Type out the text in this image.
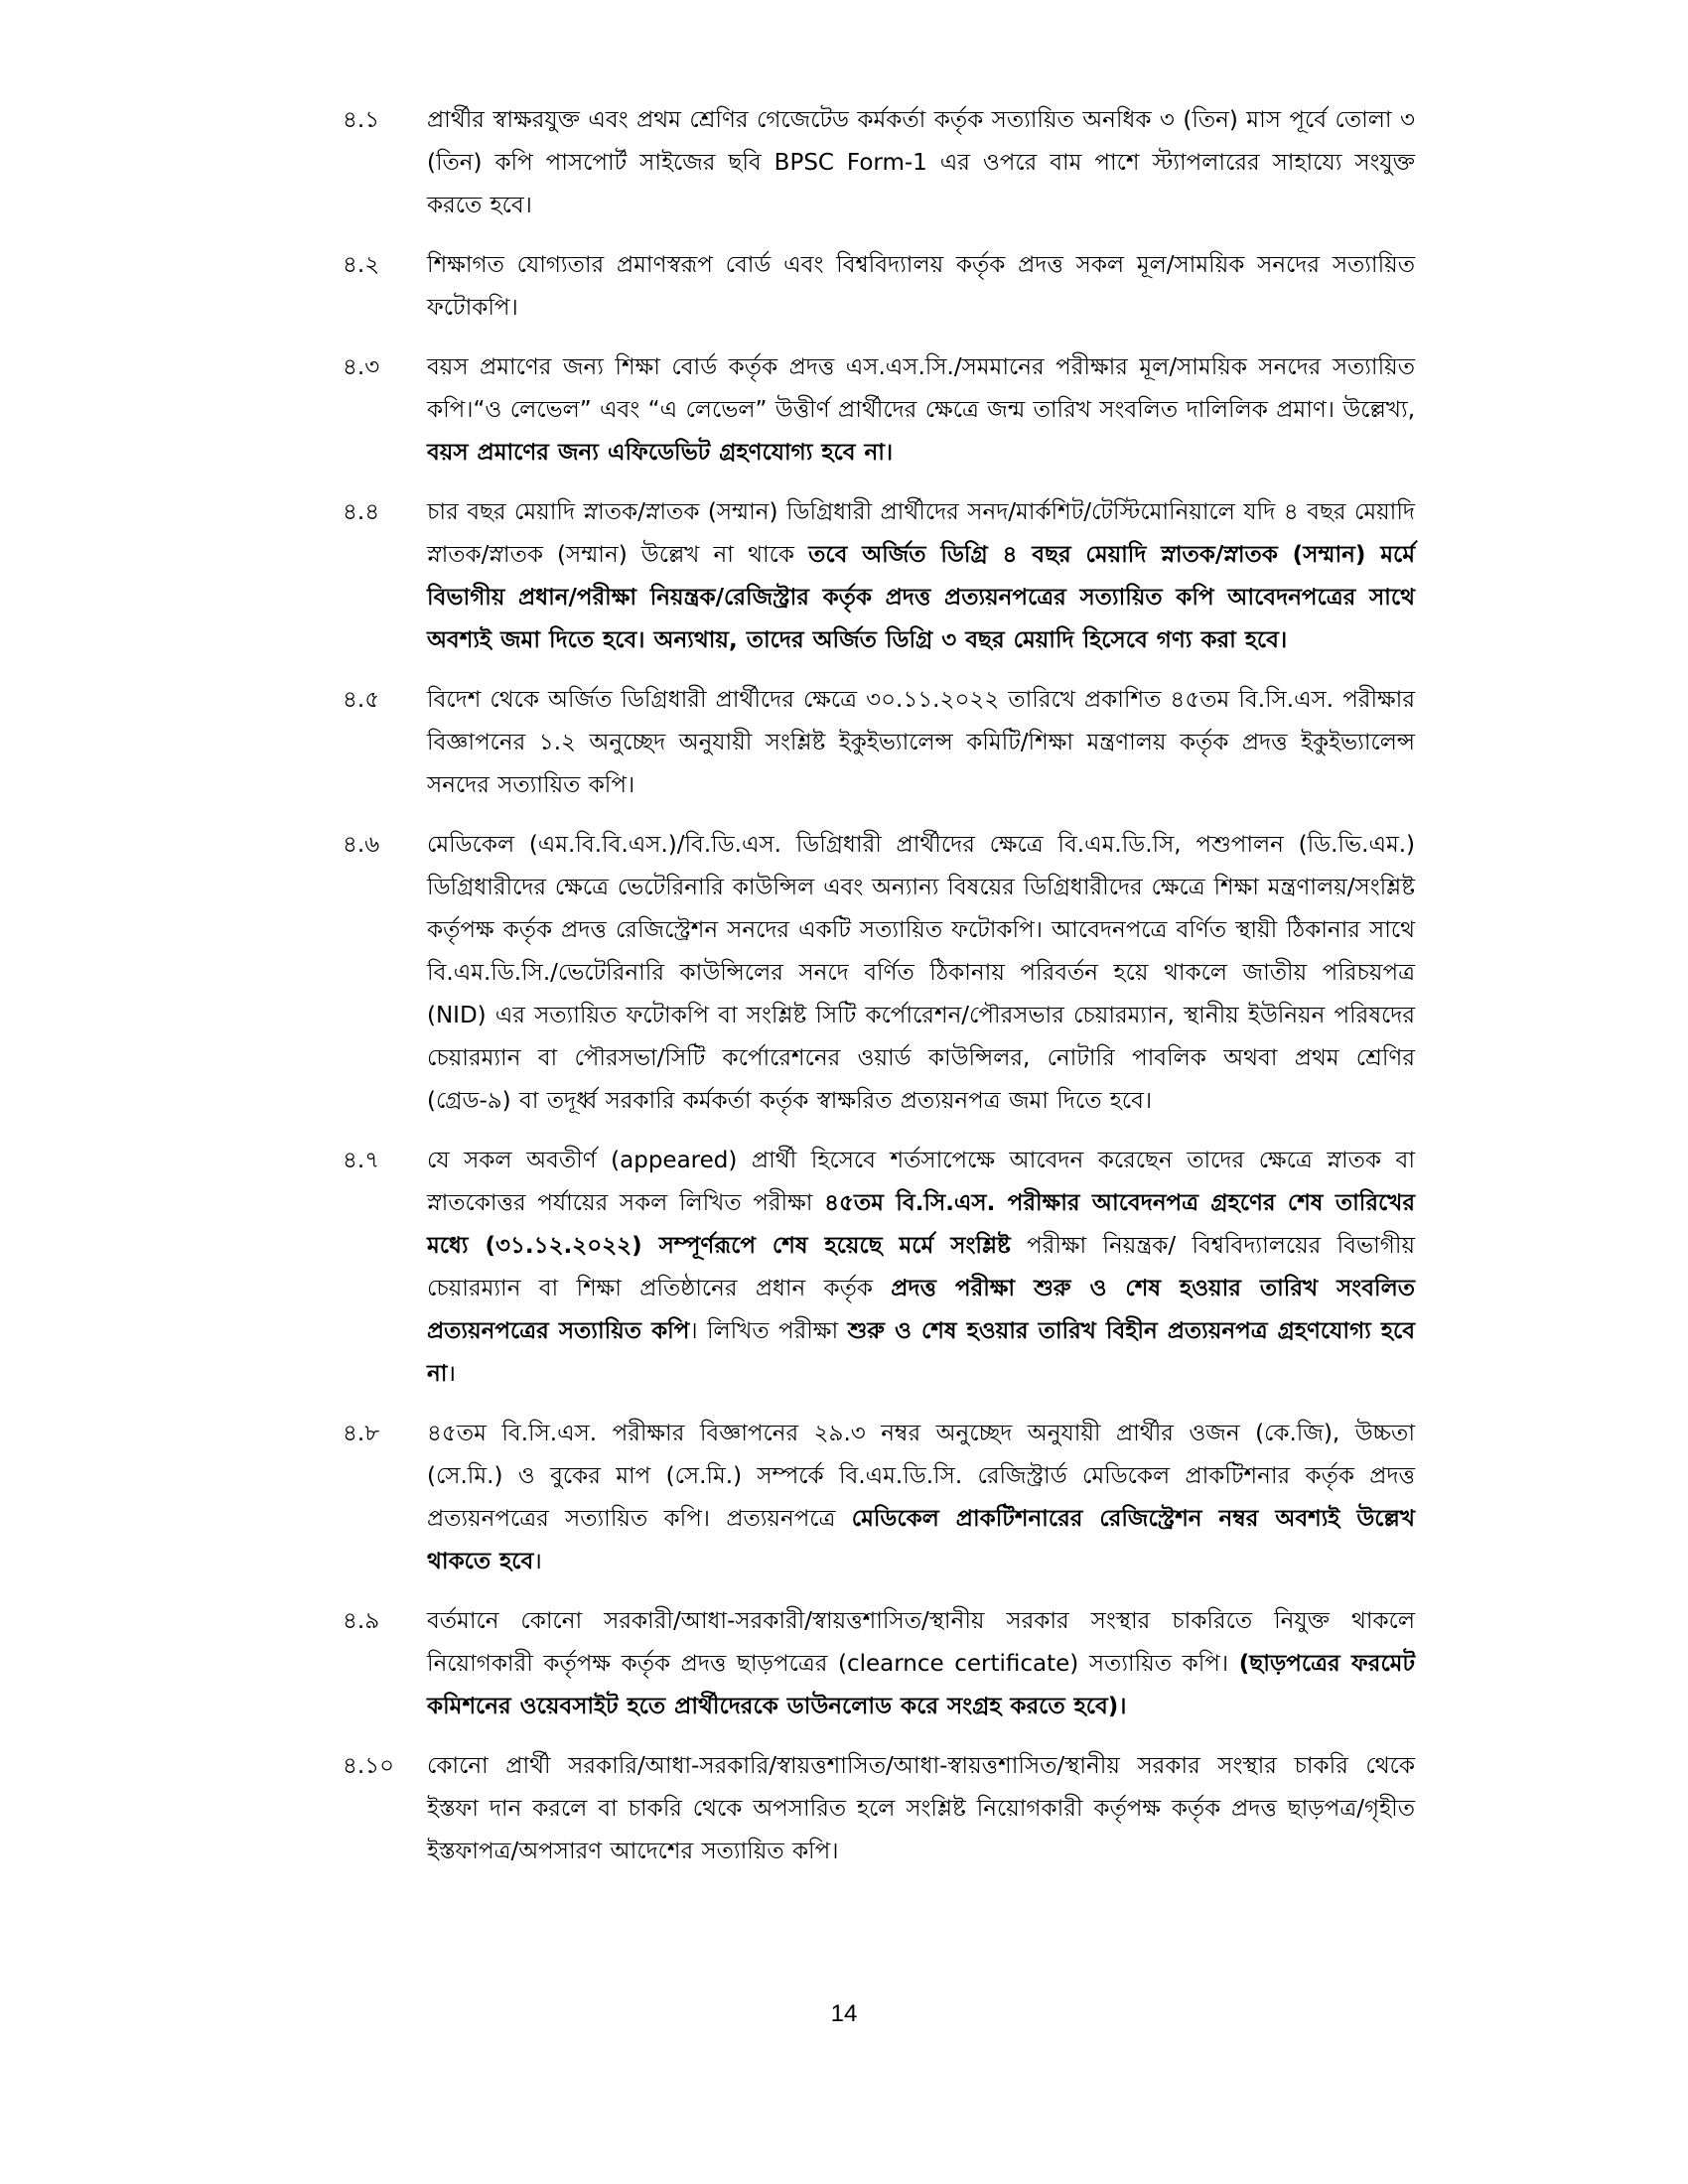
৪.১	প্রার্থীর স্বাক্ষরযুক্ত এবং প্রথম শ্রেণির গেজেটেড কর্মকর্তা কর্তৃক সত্যায়িত অনধিক ৩ (তিন) মাস পূর্বে তোলা ৩ (তিন) কপি পাসপোর্ট সাইজের ছবি BPSC Form-1 এর ওপরে বাম পাশে স্ট্যাপলারের সাহায্যে সংযুক্ত করতে হবে।
৪.২	শিক্ষাগত যোগ্যতার প্রমাণস্বরূপ বোর্ড এবং বিশ্ববিদ্যালয় কর্তৃক প্রদত্ত সকল মূল/সাময়িক সনদের সত্যায়িত ফটোকপি।
৪.৩	বয়স প্রমাণের জন্য শিক্ষা বোর্ড কর্তৃক প্রদত্ত এস.এস.সি./সমমানের পরীক্ষার মূল/সাময়িক সনদের সত্যায়িত কপি।“ও লেভেল” এবং “এ লেভেল” উত্তীর্ণ প্রার্থীদের ক্ষেত্রে জন্ম তারিখ সংবলিত দালিলিক প্রমাণ। উল্লেখ্য, বয়স প্রমাণের জন্য এফিডেভিট গ্রহণযোগ্য হবে না।
৪.৪	চার বছর মেয়াদি স্নাতক/স্নাতক (সম্মান) ডিগ্রিধারী প্রার্থীদের সনদ/মার্কশিট/টেস্টিমোনিয়ালে যদি ৪ বছর মেয়াদি স্নাতক/স্নাতক (সম্মান) উল্লেখ না থাকে তবে অর্জিত ডিগ্রি ৪ বছর মেয়াদি স্নাতক/স্নাতক (সম্মান) মর্মে বিভাগীয় প্রধান/পরীক্ষা নিয়ন্ত্রক/রেজিস্ট্রার কর্তৃক প্রদত্ত প্রত্যয়নপত্রের সত্যায়িত কপি আবেদনপত্রের সাথে অবশ্যই জমা দিতে হবে। অন্যথায়, তাদের অর্জিত ডিগ্রি ৩ বছর মেয়াদি হিসেবে গণ্য করা হবে।
৪.৫	বিদেশ থেকে অর্জিত ডিগ্রিধারী প্রার্থীদের ক্ষেত্রে ৩০.১১.২০২২ তারিখে প্রকাশিত ৪৫তম বি.সি.এস. পরীক্ষার বিজ্ঞাপনের ১.২ অনুচ্ছেদ অনুযায়ী সংশ্লিষ্ট ইকুইভ্যালেন্স কমিটি/শিক্ষা মন্ত্রণালয় কর্তৃক প্রদত্ত ইকুইভ্যালেন্স সনদের সত্যায়িত কপি।
৪.৬	মেডিকেল (এম.বি.বি.এস.)/বি.ডি.এস. ডিগ্রিধারী প্রার্থীদের ক্ষেত্রে বি.এম.ডি.সি, পশুপালন (ডি.ভি.এম.) ডিগ্রিধারীদের ক্ষেত্রে ভেটেরিনারি কাউন্সিল এবং অন্যান্য বিষয়ের ডিগ্রিধারীদের ক্ষেত্রে শিক্ষা মন্ত্রণালয়/সংশ্লিষ্ট কর্তৃপক্ষ কর্তৃক প্রদত্ত রেজিস্ট্রেশন সনদের একটি সত্যায়িত ফটোকপি। আবেদনপত্রে বর্ণিত স্থায়ী ঠিকানার সাথে বি.এম.ডি.সি./ভেটেরিনারি কাউন্সিলের সনদে বর্ণিত ঠিকানায় পরিবর্তন হয়ে থাকলে জাতীয় পরিচয়পত্র (NID) এর সত্যায়িত ফটোকপি বা সংশ্লিষ্ট সিটি কর্পোরেশন/পৌরসভার চেয়ারম্যান, স্থানীয় ইউনিয়ন পরিষদের চেয়ারম্যান বা পৌরসভা/সিটি কর্পোরেশনের ওয়ার্ড কাউন্সিলর, নোটারি পাবলিক অথবা প্রথম শ্রেণির (গ্রেড-৯) বা তদূর্ধ্ব সরকারি কর্মকর্তা কর্তৃক স্বাক্ষরিত প্রত্যয়নপত্র জমা দিতে হবে।
৪.৭	যে সকল অবতীর্ণ (appeared) প্রার্থী হিসেবে শর্তসাপেক্ষে আবেদন করেছেন তাদের ক্ষেত্রে স্নাতক বা স্নাতকোত্তর পর্যায়ের সকল লিখিত পরীক্ষা ৪৫তম বি.সি.এস. পরীক্ষার আবেদনপত্র গ্রহণের শেষ তারিখের মধ্যে (৩১.১২.২০২২) সম্পূর্ণরূপে শেষ হয়েছে মর্মে সংশ্লিষ্ট পরীক্ষা নিয়ন্ত্রক/ বিশ্ববিদ্যালয়ের বিভাগীয় চেয়ারম্যান বা শিক্ষা প্রতিষ্ঠানের প্রধান কর্তৃক প্রদত্ত পরীক্ষা শুরু ও শেষ হওয়ার তারিখ সংবলিত প্রত্যয়নপত্রের সত্যায়িত কপি। লিখিত পরীক্ষা শুরু ও শেষ হওয়ার তারিখ বিহীন প্রত্যয়নপত্র গ্রহণযোগ্য হবে না।
৪.৮	৪৫তম বি.সি.এস. পরীক্ষার বিজ্ঞাপনের ২৯.৩ নম্বর অনুচ্ছেদ অনুযায়ী প্রার্থীর ওজন (কে.জি), উচ্চতা (সে.মি.) ও বুকের মাপ (সে.মি.) সম্পর্কে বি.এম.ডি.সি. রেজিস্ট্রার্ড মেডিকেল প্রাকটিশনার কর্তৃক প্রদত্ত প্রত্যয়নপত্রের সত্যায়িত কপি। প্রত্যয়নপত্রে মেডিকেল প্রাকটিশনারের রেজিস্ট্রেশন নম্বর অবশ্যই উল্লেখ থাকতে হবে।
৪.৯	বর্তমানে কোনো সরকারী/আধা-সরকারী/স্বায়ত্তশাসিত/স্থানীয় সরকার সংস্থার চাকরিতে নিযুক্ত থাকলে নিয়োগকারী কর্তৃপক্ষ কর্তৃক প্রদত্ত ছাড়পত্রের (clearnce certificate) সত্যায়িত কপি। (ছাড়পত্রের ফরমেট কমিশনের ওয়েবসাইট হতে প্রার্থীদেরকে ডাউনলোড করে সংগ্রহ করতে হবে)।
৪.১০	কোনো প্রার্থী সরকারি/আধা-সরকারি/স্বায়ত্তশাসিত/আধা-স্বায়ত্তশাসিত/স্থানীয় সরকার সংস্থার চাকরি থেকে ইস্তফা দান করলে বা চাকরি থেকে অপসারিত হলে সংশ্লিষ্ট নিয়োগকারী কর্তৃপক্ষ কর্তৃক প্রদত্ত ছাড়পত্র/গৃহীত ইস্তফাপত্র/অপসারণ আদেশের সত্যায়িত কপি।
14
